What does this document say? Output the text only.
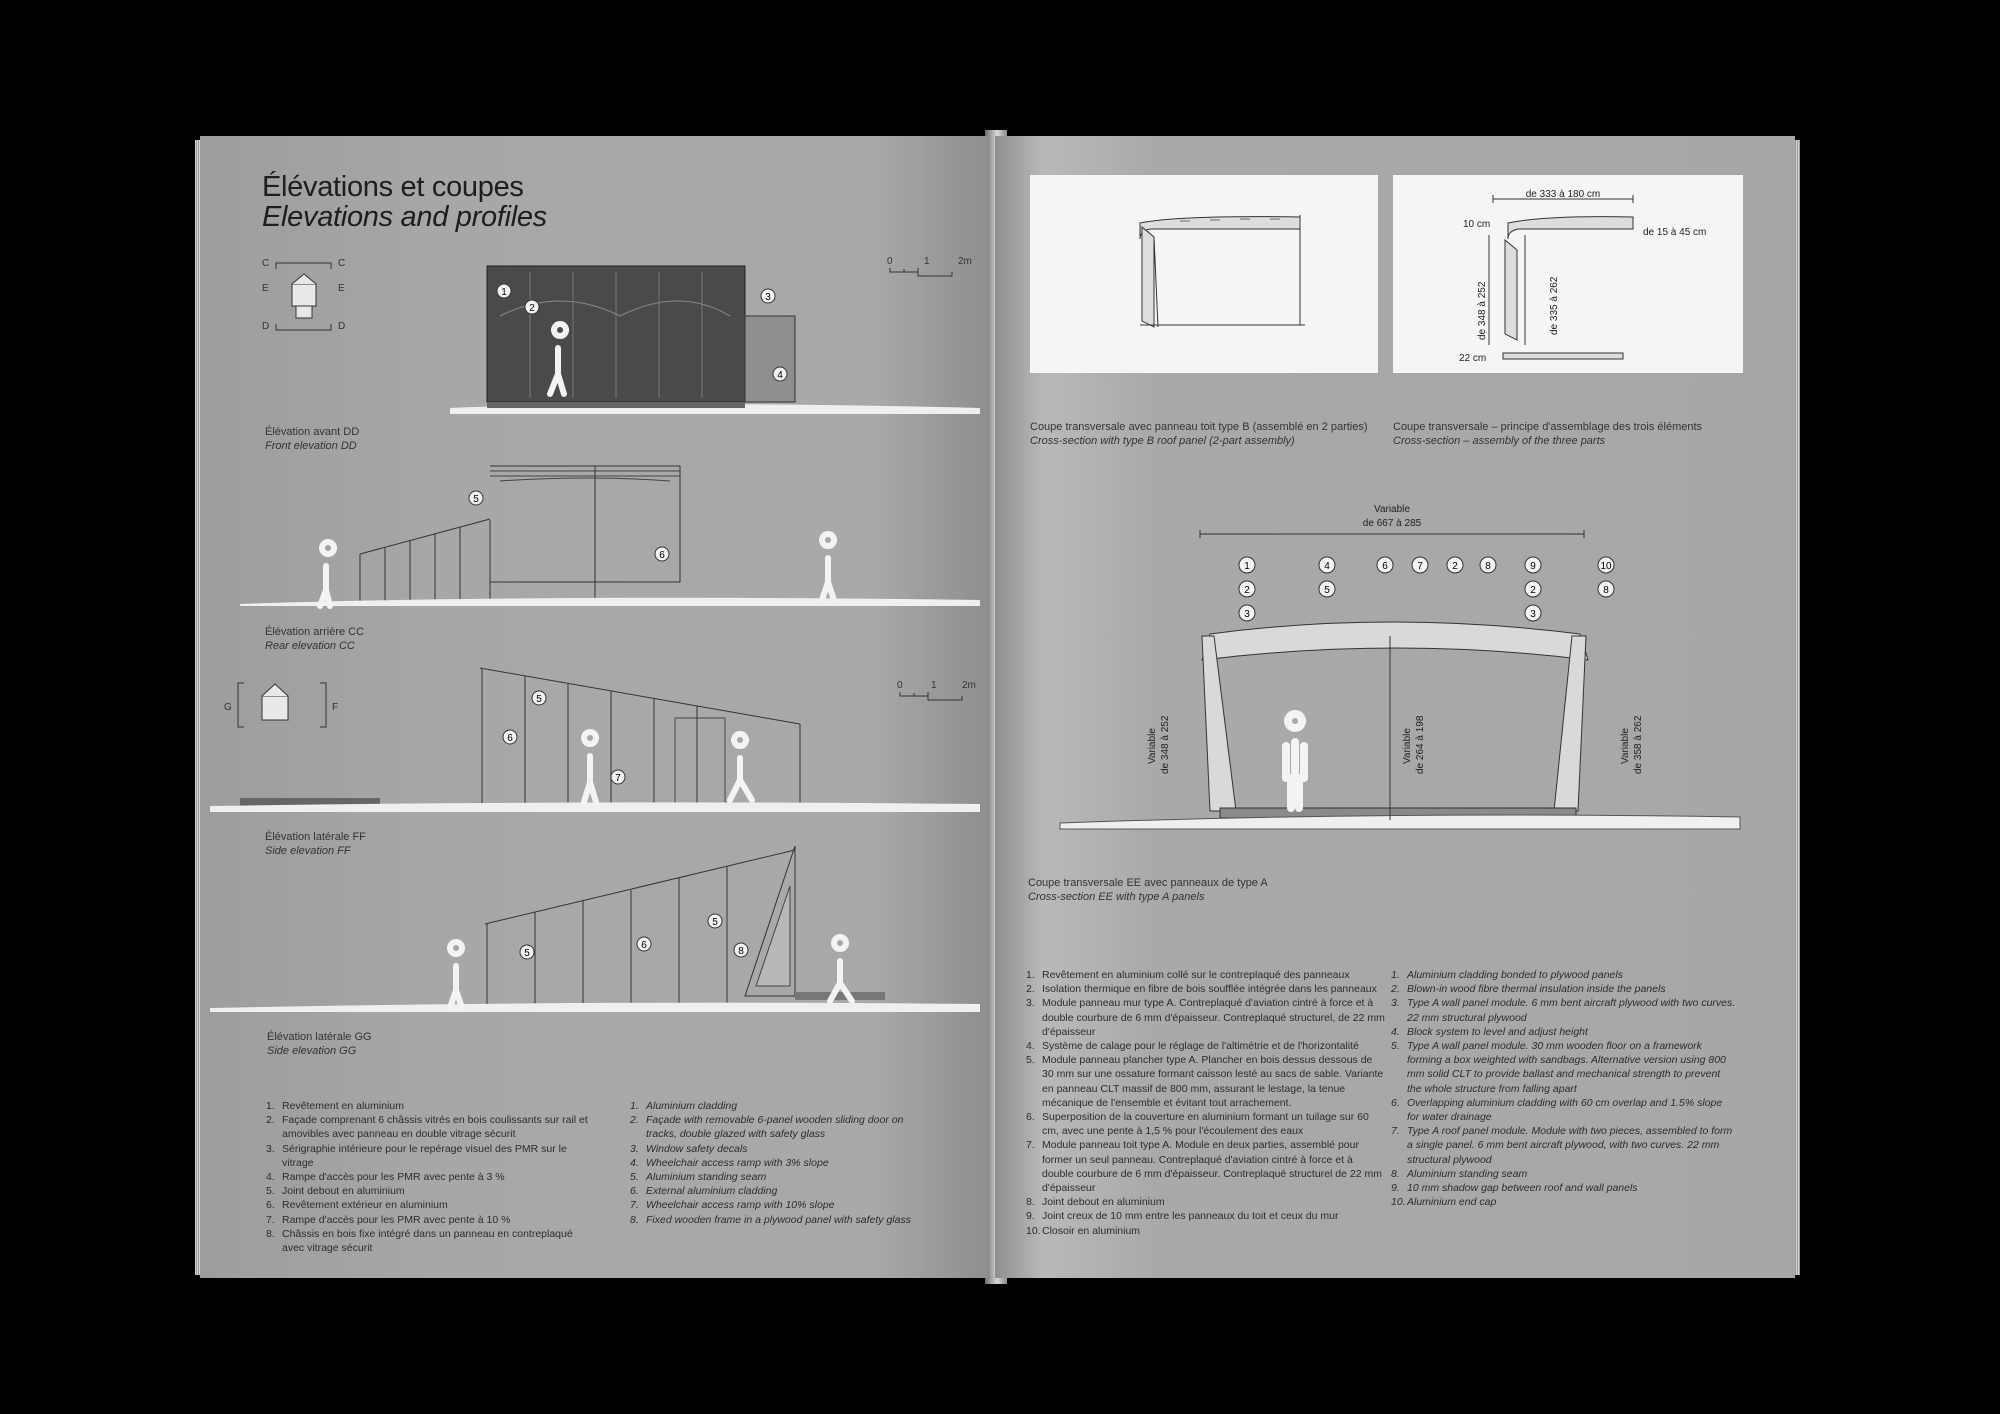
Élévations et coupes
Elevations and profiles
C	C
E	E
D	D
0	1	2m
G	F
0	1	2m
1
2
3
4
5
6
5
6
7
5
6
5
8
Élévation avant DD
Front elevation DD
Élévation arrière CC
Rear elevation CC
Élévation latérale FF
Side elevation FF
Élévation latérale GG
Side elevation GG
1. Revêtement en aluminium
2. Façade comprenant 6 châssis vitrés en bois coulissants sur rail et amovibles avec panneau en double vitrage sécurit
3. Sérigraphie intérieure pour le repérage visuel des PMR sur le vitrage
4. Rampe d'accès pour les PMR avec pente à 3 %
5. Joint debout en aluminium
6. Revêtement extérieur en aluminium
7. Rampe d'accès pour les PMR avec pente à 10 %
8. Châssis en bois fixe intégré dans un panneau en contreplaqué avec vitrage sécurit
1. Aluminium cladding
2. Façade with removable 6-panel wooden sliding door on tracks, double glazed with safety glass
3. Window safety decals
4. Wheelchair access ramp with 3% slope
5. Aluminium standing seam
6. External aluminium cladding
7. Wheelchair access ramp with 10% slope
8. Fixed wooden frame in a plywood panel with safety glass
de 333 à 180 cm
10 cm
de 15 à 45 cm
de 348 à 252	de 335 à 262
22 cm
Coupe transversale avec panneau toit type B (assemblé en 2 parties)
Cross-section with type B roof panel (2-part assembly)
Coupe transversale – principe d'assemblage des trois éléments
Cross-section – assembly of the three parts
Variable
de 667 à 285
Variable de 348 à 252	Variable de 264 à 198	Variable de 358 à 262
1
2
3
4
5
6	7	2	8	9
2
3
10
8
Coupe transversale EE avec panneaux de type A
Cross-section EE with type A panels
1. Revêtement en aluminium collé sur le contreplaqué des panneaux
2. Isolation thermique en fibre de bois soufflée intégrée dans les panneaux
3. Module panneau mur type A. Contreplaqué d'aviation cintré à force et à double courbure de 6 mm d'épaisseur. Contreplaqué structurel, de 22 mm d'épaisseur
4. Système de calage pour le réglage de l'altimétrie et de l'horizontalité
5. Module panneau plancher type A. Plancher en bois dessus dessous de 30 mm sur une ossature formant caisson lesté au sacs de sable. Variante en panneau CLT massif de 800 mm, assurant le lestage, la tenue mécanique de l'ensemble et évitant tout arrachement.
6. Superposition de la couverture en aluminium formant un tuilage sur 60 cm, avec une pente à 1,5 % pour l'écoulement des eaux
7. Module panneau toit type A. Module en deux parties, assemblé pour former un seul panneau. Contreplaqué d'aviation cintré à force et à double courbure de 6 mm d'épaisseur. Contreplaqué structurel de 22 mm d'épaisseur
8. Joint debout en aluminium
9. Joint creux de 10 mm entre les panneaux du toit et ceux du mur
10. Closoir en aluminium
1. Aluminium cladding bonded to plywood panels
2. Blown-in wood fibre thermal insulation inside the panels
3. Type A wall panel module. 6 mm bent aircraft plywood with two curves. 22 mm structural plywood
4. Block system to level and adjust height
5. Type A wall panel module. 30 mm wooden floor on a framework forming a box weighted with sandbags. Alternative version using 800 mm solid CLT to provide ballast and mechanical strength to prevent the whole structure from falling apart
6. Overlapping aluminium cladding with 60 cm overlap and 1.5% slope for water drainage
7. Type A roof panel module. Module with two pieces, assembled to form a single panel. 6 mm bent aircraft plywood, with two curves. 22 mm structural plywood
8. Aluminium standing seam
9. 10 mm shadow gap between roof and wall panels
10. Aluminium end cap
